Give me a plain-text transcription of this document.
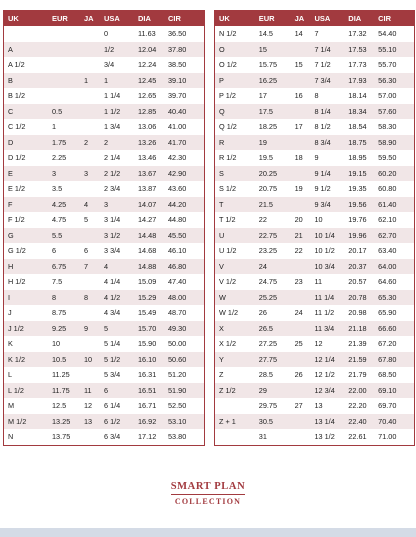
UK	EUR	JA	USA	DIA	CIR
			0	11.63	36.50
A			1/2	12.04	37.80
A 1/2			3/4	12.24	38.50
B		1	1	12.45	39.10
B 1/2			1 1/4	12.65	39.70
C	0.5		1 1/2	12.85	40.40
C 1/2	1		1 3/4	13.06	41.00
D	1.75	2	2	13.26	41.70
D 1/2	2.25		2 1/4	13.46	42.30
E	3	3	2 1/2	13.67	42.90
E 1/2	3.5		2 3/4	13.87	43.60
F	4.25	4	3	14.07	44.20
F 1/2	4.75	5	3 1/4	14.27	44.80
G	5.5		3 1/2	14.48	45.50
G 1/2	6	6	3 3/4	14.68	46.10
H	6.75	7	4	14.88	46.80
H 1/2	7.5		4 1/4	15.09	47.40
I	8	8	4 1/2	15.29	48.00
J	8.75		4 3/4	15.49	48.70
J 1/2	9.25	9	5	15.70	49.30
K	10		5 1/4	15.90	50.00
K 1/2	10.5	10	5 1/2	16.10	50.60
L	11.25		5 3/4	16.31	51.20
L 1/2	11.75	11	6	16.51	51.90
M	12.5	12	6 1/4	16.71	52.50
M 1/2	13.25	13	6 1/2	16.92	53.10
N	13.75		6 3/4	17.12	53.80
UK	EUR	JA	USA	DIA	CIR
N 1/2	14.5	14	7	17.32	54.40
O	15		7 1/4	17.53	55.10
O 1/2	15.75	15	7 1/2	17.73	55.70
P	16.25		7 3/4	17.93	56.30
P 1/2	17	16	8	18.14	57.00
Q	17.5		8 1/4	18.34	57.60
Q 1/2	18.25	17	8 1/2	18.54	58.30
R	19		8 3/4	18.75	58.90
R 1/2	19.5	18	9	18.95	59.50
S	20.25		9 1/4	19.15	60.20
S 1/2	20.75	19	9 1/2	19.35	60.80
T	21.5		9 3/4	19.56	61.40
T 1/2	22	20	10	19.76	62.10
U	22.75	21	10 1/4	19.96	62.70
U 1/2	23.25	22	10 1/2	20.17	63.40
V	24		10 3/4	20.37	64.00
V 1/2	24.75	23	11	20.57	64.60
W	25.25		11 1/4	20.78	65.30
W 1/2	26	24	11 1/2	20.98	65.90
X	26.5		11 3/4	21.18	66.60
X 1/2	27.25	25	12	21.39	67.20
Y	27.75		12 1/4	21.59	67.80
Z	28.5	26	12 1/2	21.79	68.50
Z 1/2	29		12 3/4	22.00	69.10
	29.75	27	13	22.20	69.70
Z + 1	30.5		13 1/4	22.40	70.40
	31		13 1/2	22.61	71.00
SMART PLAN
COLLECTION
